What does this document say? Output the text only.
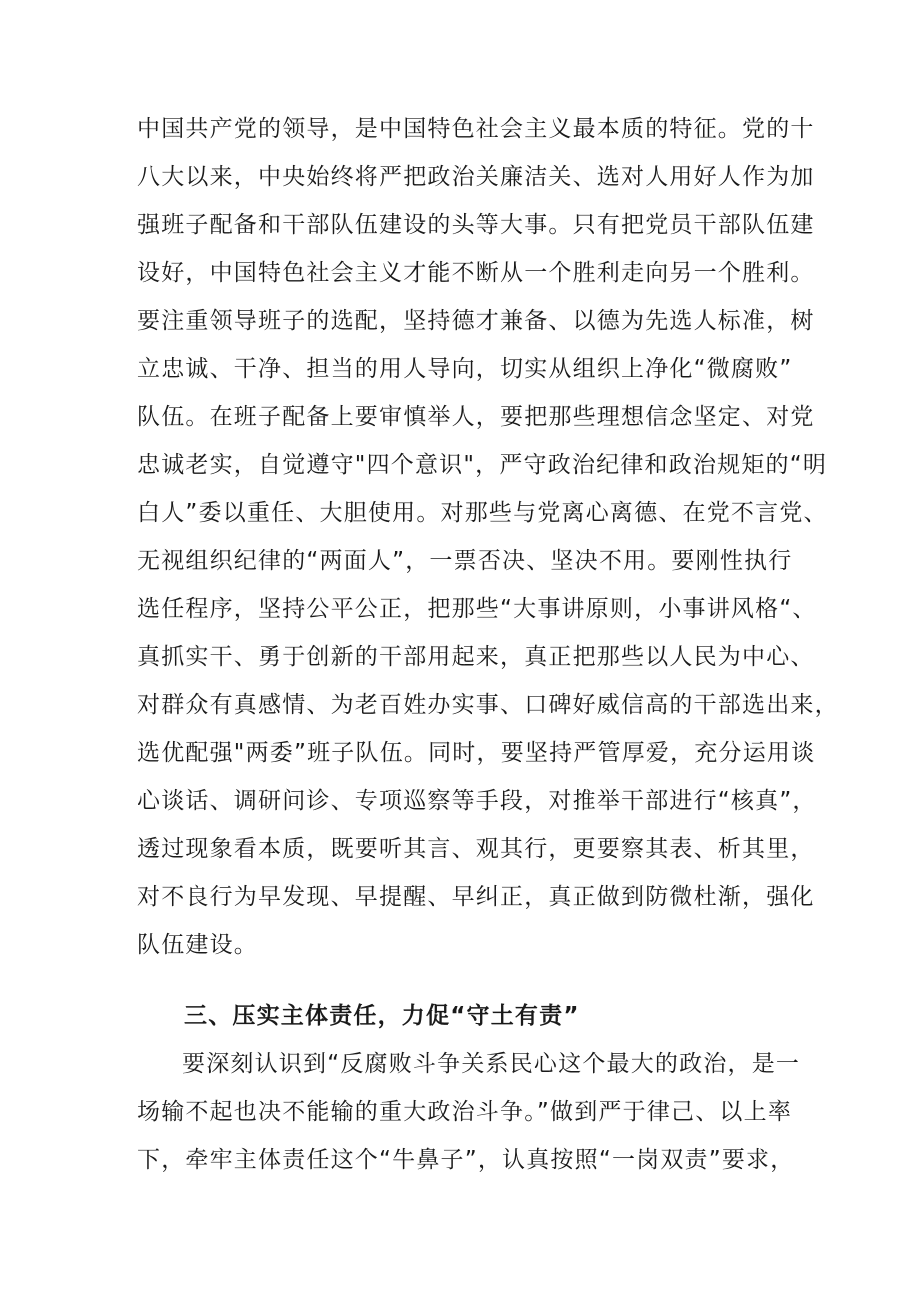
中国共产党的领导，是中国特色社会主义最本质的特征。党的十
八大以来，中央始终将严把政治关廉洁关、选对人用好人作为加
强班子配备和干部队伍建设的头等大事。只有把党员干部队伍建
设好，中国特色社会主义才能不断从一个胜利走向另一个胜利。
要注重领导班子的选配，坚持德才兼备、以德为先选人标准，树
立忠诚、干净、担当的用人导向，切实从组织上净化“微腐败”
队伍。在班子配备上要审慎举人，要把那些理想信念坚定、对党
忠诚老实，自觉遵守"四个意识"，严守政治纪律和政治规矩的“明
白人”委以重任、大胆使用。对那些与党离心离德、在党不言党、
无视组织纪律的“两面人”，一票否决、坚决不用。要刚性执行
选任程序，坚持公平公正，把那些“大事讲原则，小事讲风格“、
真抓实干、勇于创新的干部用起来，真正把那些以人民为中心、
对群众有真感情、为老百姓办实事、口碑好威信高的干部选出来，
选优配强"两委”班子队伍。同时，要坚持严管厚爱，充分运用谈
心谈话、调研问诊、专项巡察等手段，对推举干部进行“核真”，
透过现象看本质，既要听其言、观其行，更要察其表、析其里，
对不良行为早发现、早提醒、早纠正，真正做到防微杜渐，强化
队伍建设。
三、压实主体责任，力促“守土有责”
要深刻认识到“反腐败斗争关系民心这个最大的政治，是一
场输不起也决不能输的重大政治斗争。”做到严于律己、以上率
下，牵牢主体责任这个“牛鼻子”，认真按照“一岗双责”要求，
